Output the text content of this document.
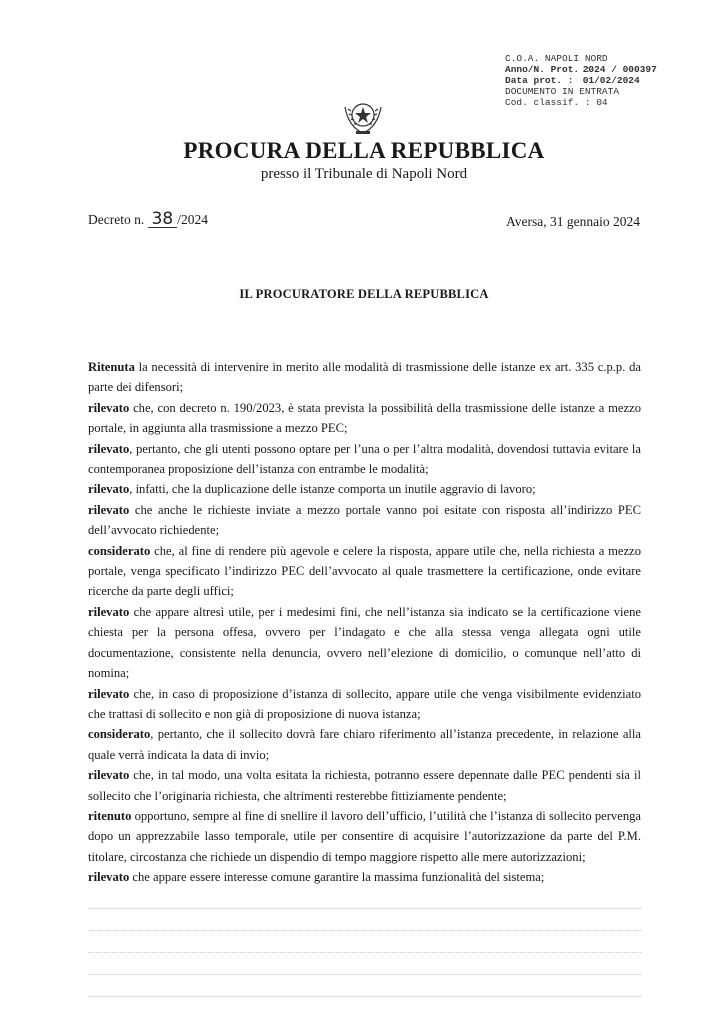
C.O.A. NAPOLI NORD
Anno/N. Prot. : 2024 / 000397
Data prot. : 01/02/2024
DOCUMENTO IN ENTRATA
Cod. classif. : 04
PROCURA DELLA REPUBBLICA
presso il Tribunale di Napoli Nord
Decreto n. 38 /2024	Aversa, 31 gennaio 2024
IL PROCURATORE DELLA REPUBBLICA

Ritenuta la necessità di intervenire in merito alle modalità di trasmissione delle istanze ex art. 335 c.p.p. da parte dei difensori;

rilevato che, con decreto n. 190/2023, è stata prevista la possibilità della trasmissione delle istanze a mezzo portale, in aggiunta alla trasmissione a mezzo PEC;

rilevato, pertanto, che gli utenti possono optare per l’una o per l’altra modalità, dovendosi tuttavia evitare la contemporanea proposizione dell’istanza con entrambe le modalità;

rilevato, infatti, che la duplicazione delle istanze comporta un inutile aggravio di lavoro;

rilevato che anche le richieste inviate a mezzo portale vanno poi esitate con risposta all’indirizzo PEC dell’avvocato richiedente;

considerato che, al fine di rendere più agevole e celere la risposta, appare utile che, nella richiesta a mezzo portale, venga specificato l’indirizzo PEC dell’avvocato al quale trasmettere la certificazione, onde evitare ricerche da parte degli uffici;

rilevato che appare altresì utile, per i medesimi fini, che nell’istanza sia indicato se la certificazione viene chiesta per la persona offesa, ovvero per l’indagato e che alla stessa venga allegata ogni utile documentazione, consistente nella denuncia, ovvero nell’elezione di domicilio, o comunque nell’atto di nomina;

rilevato che, in caso di proposizione d’istanza di sollecito, appare utile che venga visibilmente evidenziato che trattasi di sollecito e non già di proposizione di nuova istanza;

considerato, pertanto, che il sollecito dovrà fare chiaro riferimento all’istanza precedente, in relazione alla quale verrà indicata la data di invio;

rilevato che, in tal modo, una volta esitata la richiesta, potranno essere depennate dalle PEC pendenti sia il sollecito che l’originaria richiesta, che altrimenti resterebbe fittiziamente pendente;

ritenuto opportuno, sempre al fine di snellire il lavoro dell’ufficio, l’utilità che l’istanza di sollecito pervenga dopo un apprezzabile lasso temporale, utile per consentire di acquisire l’autorizzazione da parte del P.M. titolare, circostanza che richiede un dispendio di tempo maggiore rispetto alle mere autorizzazioni;

rilevato che appare essere interesse comune garantire la massima funzionalità del sistema;
